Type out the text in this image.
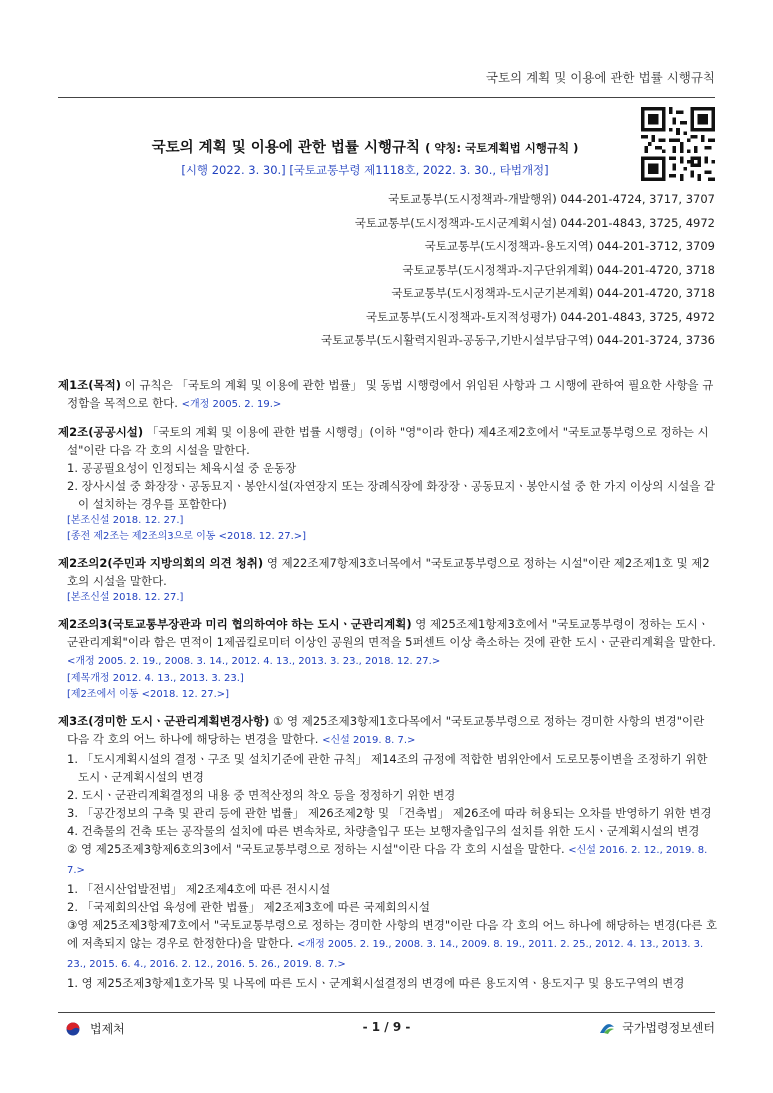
국토의 계획 및 이용에 관한 법률 시행규칙
국토의 계획 및 이용에 관한 법률 시행규칙 ( 약칭: 국토계획법 시행규칙 )
[시행 2022. 3. 30.] [국토교통부령 제1118호, 2022. 3. 30., 타법개정]
국토교통부(도시정책과-개발행위) 044-201-4724, 3717, 3707
국토교통부(도시정책과-도시군계획시설) 044-201-4843, 3725, 4972
국토교통부(도시정책과-용도지역) 044-201-3712, 3709
국토교통부(도시정책과-지구단위계획) 044-201-4720, 3718
국토교통부(도시정책과-도시군기본계획) 044-201-4720, 3718
국토교통부(도시정책과-토지적성평가) 044-201-4843, 3725, 4972
국토교통부(도시활력지원과-공동구,기반시설부담구역) 044-201-3724, 3736

제1조(목적) 이 규칙은 「국토의 계획 및 이용에 관한 법률」 및 동법 시행령에서 위임된 사항과 그 시행에 관하여 필요한 사항을 규정함을 목적으로 한다. <개정 2005. 2. 19.>

제2조(공공시설) 「국토의 계획 및 이용에 관한 법률 시행령」(이하 "영"이라 한다) 제4조제2호에서 "국토교통부령으로 정하는 시설"이란 다음 각 호의 시설을 말한다.

1. 공공필요성이 인정되는 체육시설 중 운동장

2. 장사시설 중 화장장ㆍ공동묘지ㆍ봉안시설(자연장지 또는 장례식장에 화장장ㆍ공동묘지ㆍ봉안시설 중 한 가지 이상의 시설을 같이 설치하는 경우를 포함한다)

[본조신설 2018. 12. 27.]

[종전 제2조는 제2조의3으로 이동 <2018. 12. 27.>]

제2조의2(주민과 지방의회의 의견 청취) 영 제22조제7항제3호너목에서 "국토교통부령으로 정하는 시설"이란 제2조제1호 및 제2호의 시설을 말한다.

[본조신설 2018. 12. 27.]

제2조의3(국토교통부장관과 미리 협의하여야 하는 도시ㆍ군관리계획) 영 제25조제1항제3호에서 "국토교통부령이 정하는 도시ㆍ군관리계획"이라 함은 면적이 1제곱킬로미터 이상인 공원의 면적을 5퍼센트 이상 축소하는 것에 관한 도시ㆍ군관리계획을 말한다. <개정 2005. 2. 19., 2008. 3. 14., 2012. 4. 13., 2013. 3. 23., 2018. 12. 27.>

[제목개정 2012. 4. 13., 2013. 3. 23.]

[제2조에서 이동 <2018. 12. 27.>]

제3조(경미한 도시ㆍ군관리계획변경사항) ① 영 제25조제3항제1호다목에서 "국토교통부령으로 정하는 경미한 사항의 변경"이란 다음 각 호의 어느 하나에 해당하는 변경을 말한다. <신설 2019. 8. 7.>

1. 「도시계획시설의 결정ㆍ구조 및 설치기준에 관한 규칙」 제14조의 규정에 적합한 범위안에서 도로모퉁이변을 조정하기 위한 도시ㆍ군계획시설의 변경

2. 도시ㆍ군관리계획결정의 내용 중 면적산정의 착오 등을 정정하기 위한 변경

3. 「공간정보의 구축 및 관리 등에 관한 법률」 제26조제2항 및 「건축법」 제26조에 따라 허용되는 오차를 반영하기 위한 변경

4. 건축물의 건축 또는 공작물의 설치에 따른 변속차로, 차량출입구 또는 보행자출입구의 설치를 위한 도시ㆍ군계획시설의 변경

② 영 제25조제3항제6호의3에서 "국토교통부령으로 정하는 시설"이란 다음 각 호의 시설을 말한다. <신설 2016. 2. 12., 2019. 8. 7.>

1. 「전시산업발전법」 제2조제4호에 따른 전시시설

2. 「국제회의산업 육성에 관한 법률」 제2조제3호에 따른 국제회의시설

③영 제25조제3항제7호에서 "국토교통부령으로 정하는 경미한 사항의 변경"이란 다음 각 호의 어느 하나에 해당하는 변경(다른 호에 저촉되지 않는 경우로 한정한다)을 말한다. <개정 2005. 2. 19., 2008. 3. 14., 2009. 8. 19., 2011. 2. 25., 2012. 4. 13., 2013. 3. 23., 2015. 6. 4., 2016. 2. 12., 2016. 5. 26., 2019. 8. 7.>

1. 영 제25조제3항제1호가목 및 나목에 따른 도시ㆍ군계획시설결정의 변경에 따른 용도지역ㆍ용도지구 및 용도구역의 변경

법제처	- 1 / 9 -	국가법령정보센터
